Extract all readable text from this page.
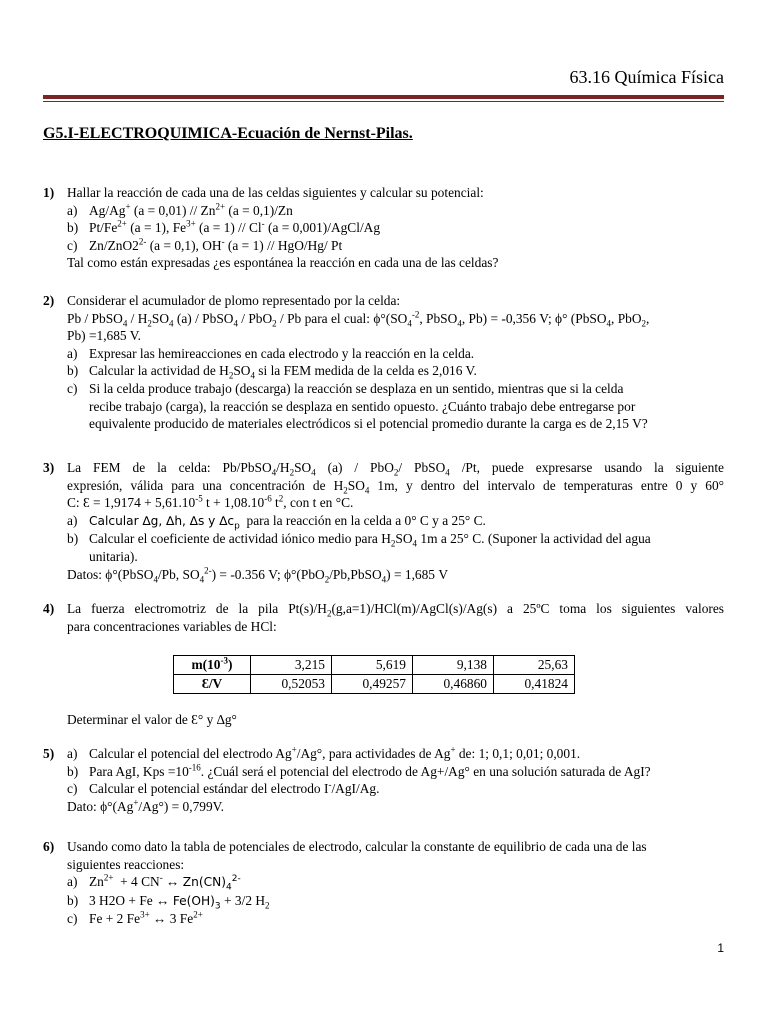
63.16 Química Física
G5.I-ELECTROQUIMICA-Ecuación de Nernst-Pilas.
1) Hallar la reacción de cada una de las celdas siguientes y calcular su potencial:
a) Ag/Ag+ $(a = 0,01) // Zn^{2+}$ (a = 0,1)/Zn
b) $Pt/Fe^{2+}$ (a = 1), $Fe^{3+}$ (a = 1) // Cl- (a = 0,001)/AgCl/Ag
c) $Zn/ZnO2^{2-}$ (a = 0,1), OH- (a = 1) // HgO/Hg/ Pt
Tal como están expresadas ¿es espontánea la reacción en cada una de las celdas?
2) Considerar el acumulador de plomo representado por la celda:
Pb / PbSO$_4$ / $H_2SO_4$ (a) / PbSO$_4$ / PbO$_2$ / Pb para el cual: $\phi^\circ(SO_4^{-2}$, PbSO$_4$, Pb) = -0,356 V; ϕ° (PbSO$_4$, PbO$_2$,
Pb) =1,685 V.
a) Expresar las hemireacciones en cada electrodo y la reacción en la celda.
b) Calcular la actividad de $H_2SO_4$ si la FEM medida de la celda es 2,016 V.
c) Si la celda produce trabajo (descarga) la reacción se desplaza en un sentido, mientras que si la celda
recibe trabajo (carga), la reacción se desplaza en sentido opuesto. ¿Cuánto trabajo debe entregarse por
equivalente producido de materiales electródicos si el potencial promedio durante la carga es de 2,15 V?
3) La FEM de la celda: $Pb/PbSO_4/H_2SO_4$ (a) / PbO$_2$/ PbSO$_4$ /Pt, puede expresarse usando la siguiente
expresión, válida para una concentración de $H_2SO_4$ 1m, y dentro del intervalo de temperaturas entre 0 y 60°
C: Ɛ = $1,9174 + 5,61.10^{-5}$ $t + 1,08.10^{-6}$ $t^2$, con t en °C.
a) Calcular ∆g, ∆h, ∆s y $\Delta c_p$  para la reacción en la celda a 0° C y a 25° C.
b) Calcular el coeficiente de actividad iónico medio para $H_2SO_4$ 1m a 25° C. (Suponer la actividad del agua
unitaria).
Datos: ϕ°(PbSO$_4$/Pb, $SO_4^{2-}) = -0.356$ V; ϕ°(PbO$_2$/Pb,PbSO$_4$) = 1,685 V
4) La fuerza electromotriz de la pila $Pt(s)/H_2(g,a=1)/HCl(m)/AgCl(s)/Ag(s)$ a 25ºC toma los siguientes valores
para concentraciones variables de HCl:
$m(10^{-3})$	3,215	5,619	9,138	25,63
Ɛ/V	0,52053	0,49257	0,46860	0,41824
Determinar el valor de Ɛ° y ∆g°
5) a) Calcular el potencial del electrodo Ag+/Ag°, para actividades de Ag+ de: 1; 0,1; 0,01; 0,001.
b) Para AgI, Kps $=10^{-16}$. ¿Cuál será el potencial del electrodo de Ag+/Ag° en una solución saturada de AgI?
c) Calcular el potencial estándar del electrodo I-/AgI/Ag.
Dato: ϕ°(Ag+/Ag°) = 0,799V.
6) Usando como dato la tabla de potenciales de electrodo, calcular la constante de equilibrio de cada una de las
siguientes reacciones:
a) $Zn^{2+} + 4$ CN- ↔ $Zn(CN)_4^{2-}$
b) 3 H2O + Fe ↔ $Fe(OH)_3 + 3/2$ $H_2$
c) Fe + 2 $Fe^{3+}$ ↔ 3 $Fe^{2+}$
1
